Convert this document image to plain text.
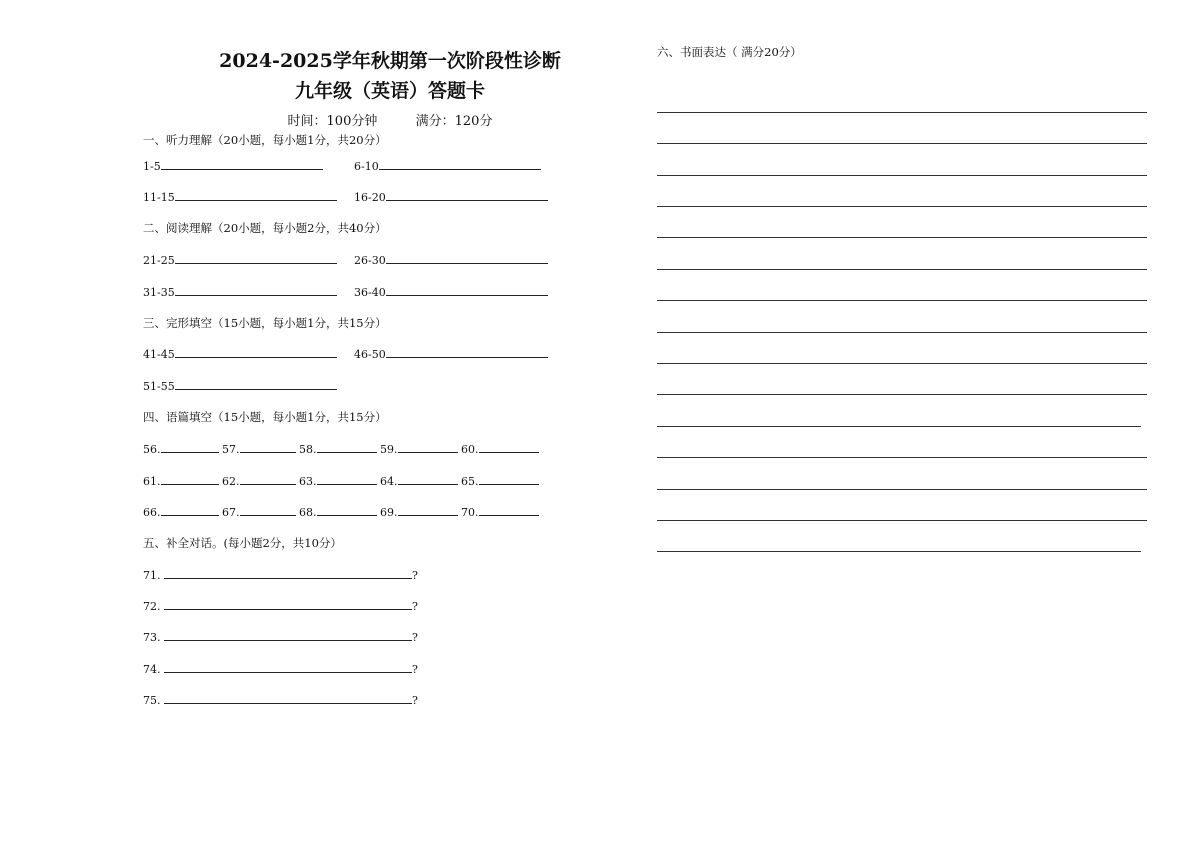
2024-2025学年秋期第一次阶段性诊断
九年级（英语）答题卡
时间：100分钟	满分：120分
一、听力理解（20小题，每小题1分，共20分）
1-5	6-10
11-15	16-20
二、阅读理解（20小题，每小题2分，共40分）
21-25	26-30
31-35	36-40
三、完形填空（15小题，每小题1分，共15分）
41-45	46-50
51-55
四、语篇填空（15小题，每小题1分，共15分）
56.	57.	58.	59.	60.
61.	62.	63.	64.	65.
66.	67.	68.	69.	70.
五、补全对话。(每小题2分，共10分）
71.	?
72.	?
73.	?
74.	?
75.	?
六、书面表达（ 满分20分）
